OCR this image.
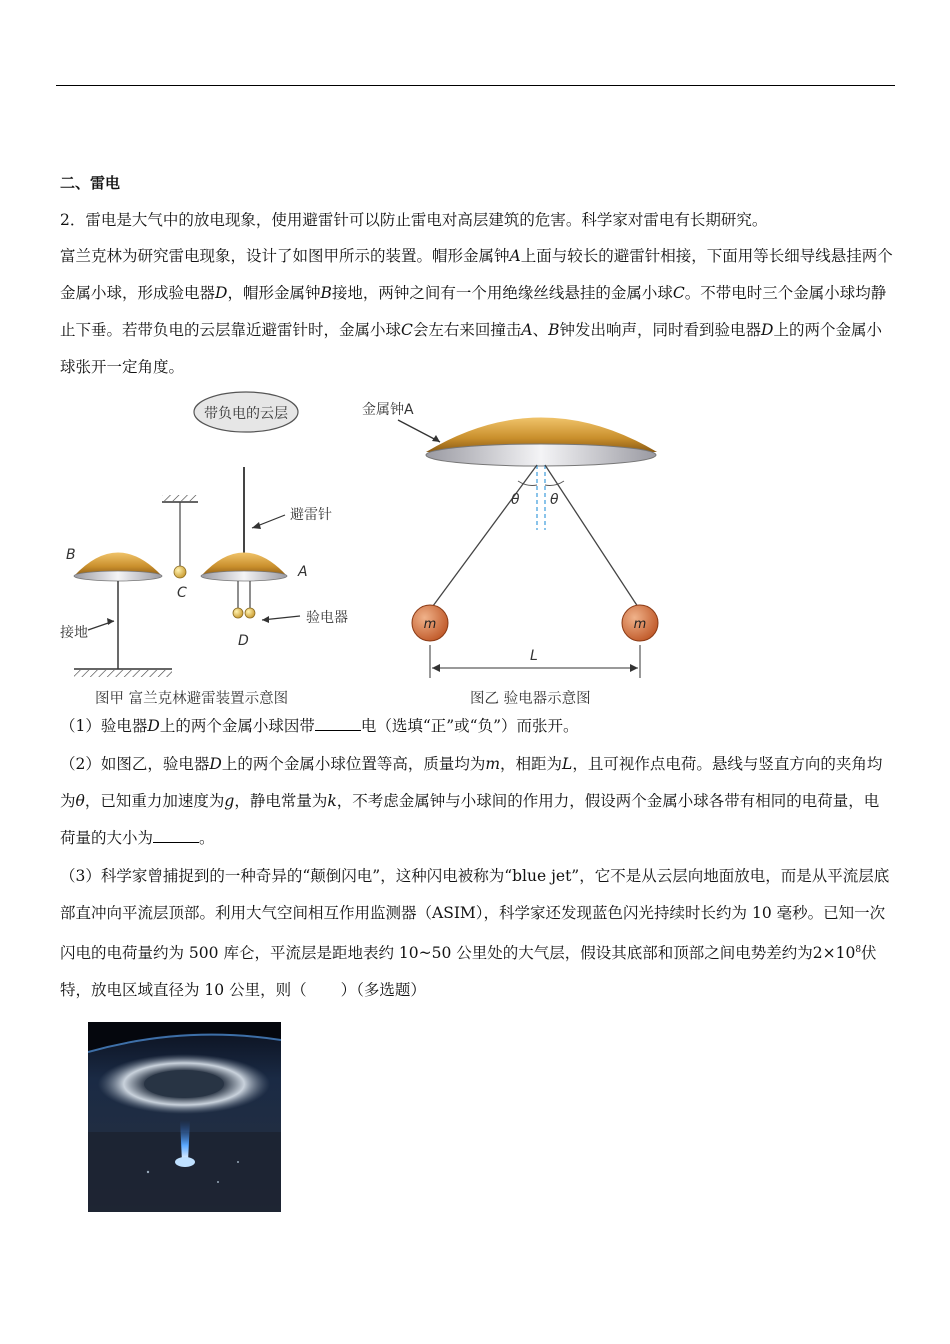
二、雷电

2．雷电是大气中的放电现象，使用避雷针可以防止雷电对高层建筑的危害。科学家对雷电有长期研究。

富兰克林为研究雷电现象，设计了如图甲所示的装置。帽形金属钟A上面与较长的避雷针相接，下面用等长细导线悬挂两个金属小球，形成验电器D，帽形金属钟B接地，两钟之间有一个用绝缘丝线悬挂的金属小球C。不带电时三个金属小球均静止下垂。若带负电的云层靠近避雷针时，金属小球C会左右来回撞击A、B钟发出响声，同时看到验电器D上的两个金属小球张开一定角度。

带负电的云层
避雷针
B
接地
C
A
D
验电器
图甲 富兰克林避雷装置示意图
金属钟A
θ θ
m	m
L
图乙 验电器示意图

（1）验电器D上的两个金属小球因带	电（选填“正”或“负”）而张开。

（2）如图乙，验电器D上的两个金属小球位置等高，质量均为m，相距为L，且可视作点电荷。悬线与竖直方向的夹角均为θ，已知重力加速度为g，静电常量为k，不考虑金属钟与小球间的作用力，假设两个金属小球各带有相同的电荷量，电荷量的大小为	。

（3）科学家曾捕捉到的一种奇异的“颠倒闪电”，这种闪电被称为“blue jet”，它不是从云层向地面放电，而是从平流层底部直冲向平流层顶部。利用大气空间相互作用监测器（ASIM），科学家还发现蓝色闪光持续时长约为 10 毫秒。已知一次闪电的电荷量约为 500 库仑，平流层是距地表约 10~50 公里处的大气层，假设其底部和顶部之间电势差约为$2\times 10^8$伏特，放电区域直径为 10 公里，则（ ）（多选题）
